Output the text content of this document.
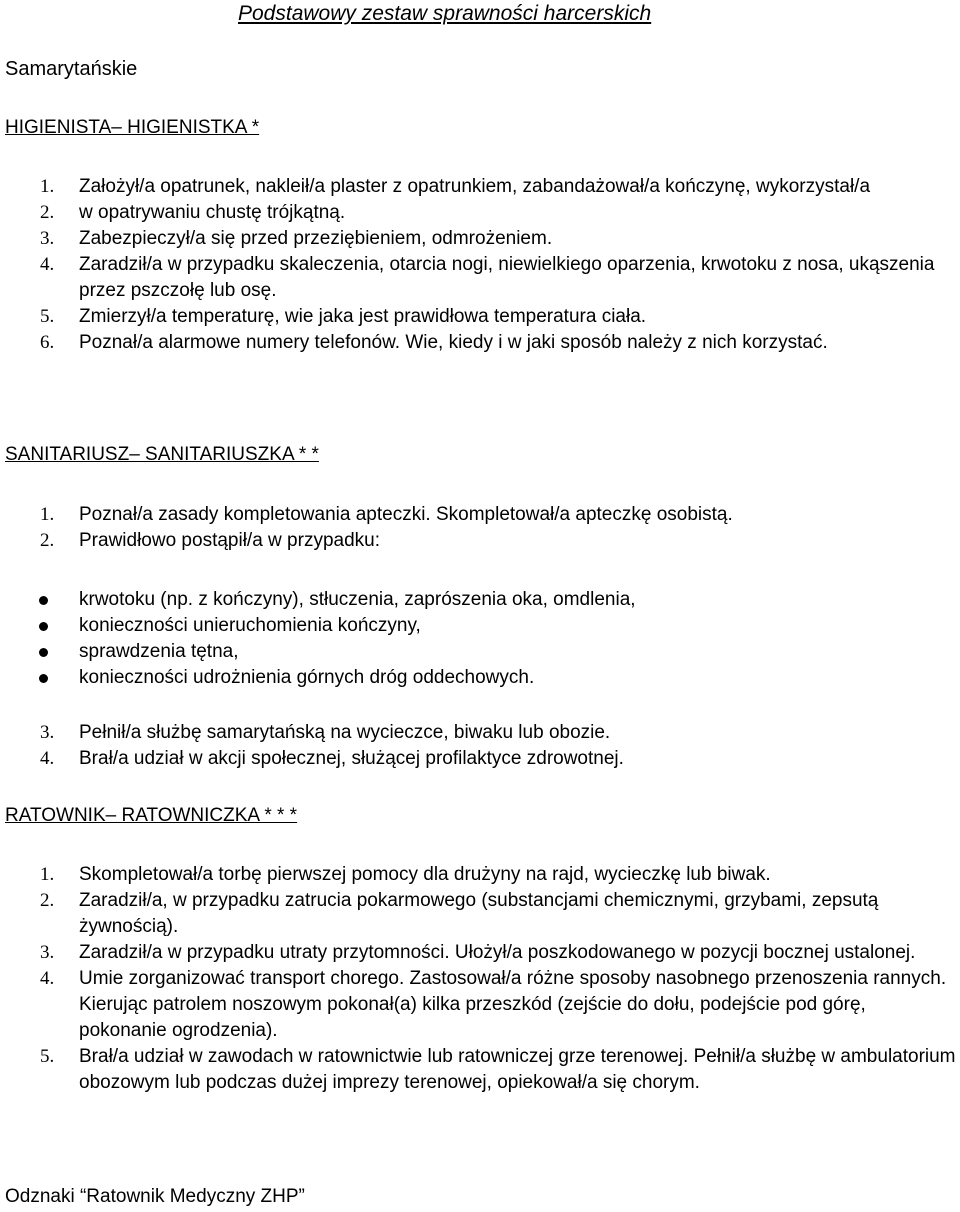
Podstawowy zestaw sprawności harcerskich
Samarytańskie
HIGIENISTA– HIGIENISTKA *
1. Założył/a opatrunek, nakleił/a plaster z opatrunkiem, zabandażował/a kończynę, wykorzystał/a
2. w opatrywaniu chustę trójkątną.
3. Zabezpieczył/a się przed przeziębieniem, odmrożeniem.
4. Zaradził/a w przypadku skaleczenia, otarcia nogi, niewielkiego oparzenia, krwotoku z nosa, ukąszenia przez pszczołę lub osę.
5. Zmierzył/a temperaturę, wie jaka jest prawidłowa temperatura ciała.
6. Poznał/a alarmowe numery telefonów. Wie, kiedy i w jaki sposób należy z nich korzystać.
SANITARIUSZ– SANITARIUSZKA * *
1. Poznał/a zasady kompletowania apteczki. Skompletował/a apteczkę osobistą.
2. Prawidłowo postąpił/a w przypadku:
krwotoku (np. z kończyny), stłuczenia, zaprószenia oka, omdlenia,
konieczności unieruchomienia kończyny,
sprawdzenia tętna,
konieczności udrożnienia górnych dróg oddechowych.
3. Pełnił/a służbę samarytańską na wycieczce, biwaku lub obozie.
4. Brał/a udział w akcji społecznej, służącej profilaktyce zdrowotnej.
RATOWNIK– RATOWNICZKA * * *
1. Skompletował/a torbę pierwszej pomocy dla drużyny na rajd, wycieczkę lub biwak.
2. Zaradził/a, w przypadku zatrucia pokarmowego (substancjami chemicznymi, grzybami, zepsutą żywnością).
3. Zaradził/a w przypadku utraty przytomności. Ułożył/a poszkodowanego w pozycji bocznej ustalonej.
4. Umie zorganizować transport chorego. Zastosował/a różne sposoby nasobnego przenoszenia rannych. Kierując patrolem noszowym pokonał(a) kilka przeszkód (zejście do dołu, podejście pod górę, pokonanie ogrodzenia).
5. Brał/a udział w zawodach w ratownictwie lub ratowniczej grze terenowej. Pełnił/a służbę w ambulatorium obozowym lub podczas dużej imprezy terenowej, opiekował/a się chorym.
Odznaki “Ratownik Medyczny ZHP”
